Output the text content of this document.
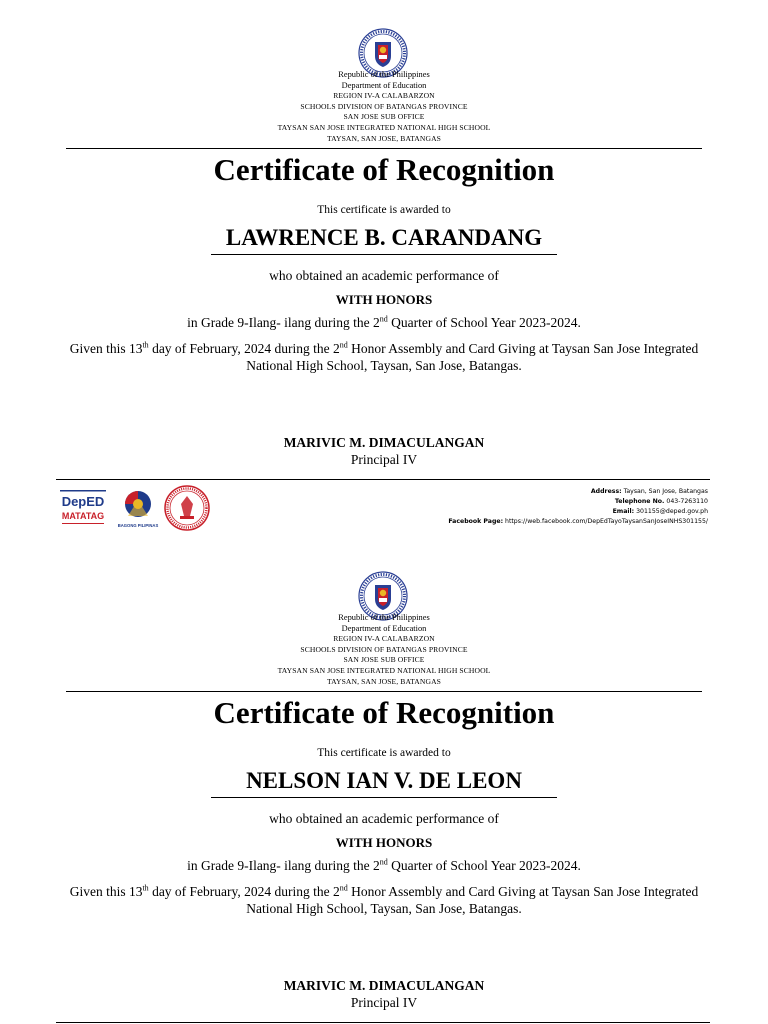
Republic of the Philippines
Department of Education
REGION IV-A CALABARZON
SCHOOLS DIVISION OF BATANGAS PROVINCE
SAN JOSE SUB OFFICE
TAYSAN SAN JOSE INTEGRATED NATIONAL HIGH SCHOOL
TAYSAN, SAN JOSE, BATANGAS
Certificate of Recognition
This certificate is awarded to
LAWRENCE B. CARANDANG
who obtained an academic performance of
WITH HONORS
in Grade 9-Ilang- ilang during the 2nd Quarter of School Year 2023-2024.
Given this 13th day of February, 2024 during the 2nd Honor Assembly and Card Giving at Taysan San Jose Integrated National High School, Taysan, San Jose, Batangas.
MARIVIC M. DIMACULANGAN
Principal IV
DepED
MATATAG
BAGONG PILIPINAS
Address: Taysan, San Jose, Batangas
Telephone No. 043-7263110
Email: 301155@deped.gov.ph
Facebook Page: https://web.facebook.com/DepEdTayoTaysanSanJoseINHS301155/
Republic of the Philippines
Department of Education
REGION IV-A CALABARZON
SCHOOLS DIVISION OF BATANGAS PROVINCE
SAN JOSE SUB OFFICE
TAYSAN SAN JOSE INTEGRATED NATIONAL HIGH SCHOOL
TAYSAN, SAN JOSE, BATANGAS
Certificate of Recognition
This certificate is awarded to
NELSON IAN V. DE LEON
who obtained an academic performance of
WITH HONORS
in Grade 9-Ilang- ilang during the 2nd Quarter of School Year 2023-2024.
Given this 13th day of February, 2024 during the 2nd Honor Assembly and Card Giving at Taysan San Jose Integrated National High School, Taysan, San Jose, Batangas.
MARIVIC M. DIMACULANGAN
Principal IV
